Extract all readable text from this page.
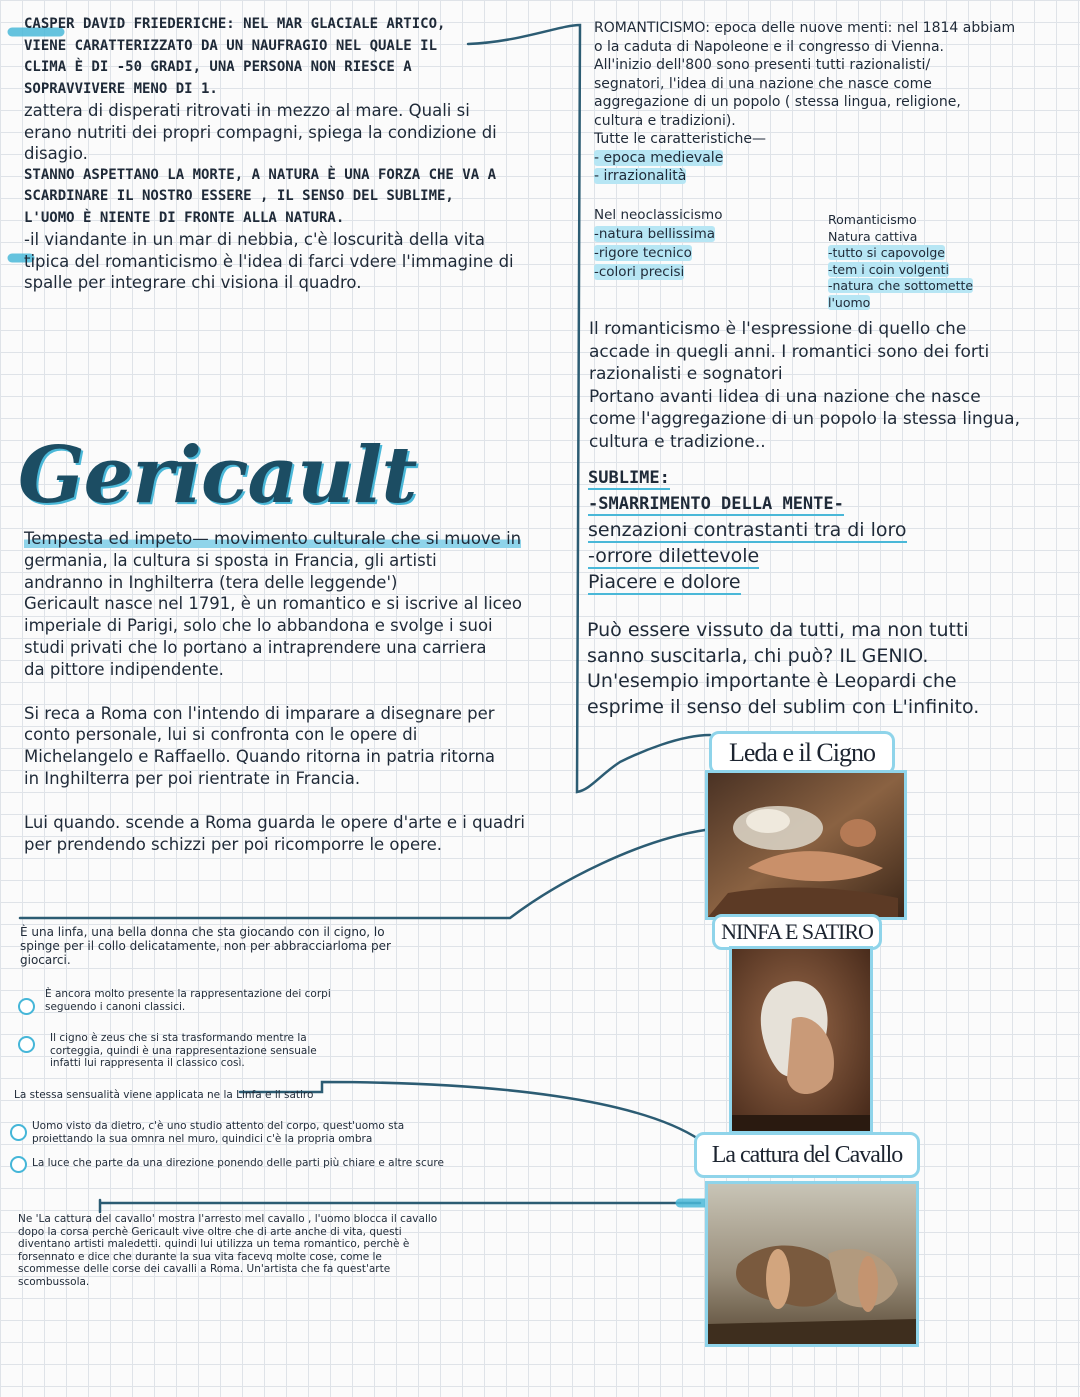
CASPER DAVID FRIEDERICHE: NEL MAR GLACIALE ARTICO,
VIENE CARATTERIZZATO DA UN NAUFRAGIO NEL QUALE IL
CLIMA È DI -50 GRADI, UNA PERSONA NON RIESCE A
SOPRAVVIVERE MENO DI 1.
zattera di disperati ritrovati in mezzo al mare. Quali si
erano nutriti dei propri compagni, spiega la condizione di
disagio.
STANNO ASPETTANO LA MORTE, A NATURA È UNA FORZA CHE VA A
SCARDINARE IL NOSTRO ESSERE , IL SENSO DEL SUBLIME,
L'UOMO È NIENTE DI FRONTE ALLA NATURA.
-il viandante in un mar di nebbia, c'è loscurità della vita
tipica del romanticismo è l'idea di farci vdere l'immagine di
spalle per integrare chi visiona il quadro.
ROMANTICISMO: epoca delle nuove menti: nel 1814 abbiam
o la caduta di Napoleone e il congresso di Vienna.
All'inizio dell'800 sono presenti tutti razionalisti/
segnatori, l'idea di una nazione che nasce come
aggregazione di un popolo ( stessa lingua, religione,
cultura e tradizioni).
Tutte le caratteristiche—
- epoca medievale
- irrazionalità
Nel neoclassicismo
-natura bellissima
-rigore tecnico
-colori precisi
Romanticismo
Natura cattiva
-tutto si capovolge
-tem i coin volgenti
-natura che sottomette
l'uomo
Il romanticismo è l'espressione di quello che
accade in quegli anni. I romantici sono dei forti
razionalisti e sognatori
Portano avanti lidea di una nazione che nasce
come l'aggregazione di un popolo la stessa lingua,
cultura e tradizione..
SUBLIME:
-SMARRIMENTO DELLA MENTE-
senzazioni contrastanti tra di loro
-orrore dilettevole
Piacere e dolore
Può essere vissuto da tutti, ma non tutti
sanno suscitarla, chi può? IL GENIO.
Un'esempio importante è Leopardi che
esprime il senso del sublim con L'infinito.
Gericault

Tempesta ed impeto— movimento culturale che si muove in
germania, la cultura si sposta in Francia, gli artisti
andranno in Inghilterra (tera delle leggende')
Gericault nasce nel 1791, è un romantico e si iscrive al liceo
imperiale di Parigi, solo che lo abbandona e svolge i suoi
studi privati che lo portano a intraprendere una carriera
da pittore indipendente.

Si reca a Roma con l'intendo di imparare a disegnare per
conto personale, lui si confronta con le opere di
Michelangelo e Raffaello. Quando ritorna in patria ritorna
in Inghilterra per poi rientrate in Francia.

Lui quando. scende a Roma guarda le opere d'arte e i quadri
per prendendo schizzi per poi ricomporre le opere.

È una linfa, una bella donna che sta giocando con il cigno, lo
spinge per il collo delicatamente, non per abbracciarloma per
giocarci.
È ancora molto presente la rappresentazione dei corpi
seguendo i canoni classici.
Il cigno è zeus che si sta trasformando mentre la
corteggia, quindi è una rappresentazione sensuale
infatti lui rappresenta il classico così.
La stessa sensualità viene applicata ne la Linfa e il satiro
Uomo visto da dietro, c'è uno studio attento del corpo, quest'uomo sta
proiettando la sua omnra nel muro, quindici c'è la propria ombra
La luce che parte da una direzione ponendo delle parti più chiare e altre scure
Ne 'La cattura del cavallo' mostra l'arresto mel cavallo , l'uomo blocca il cavallo
dopo la corsa perchè Gericault vive oltre che di arte anche di vita, questi
diventano artisti maledetti. quindi lui utilizza un tema romantico, perchè è
forsennato e dice che durante la sua vita facevq molte cose, come le
scommesse delle corse dei cavalli a Roma. Un'artista che fa quest'arte
scombussola.
Leda e il Cigno
NINFA E SATIRO
La cattura del Cavallo
